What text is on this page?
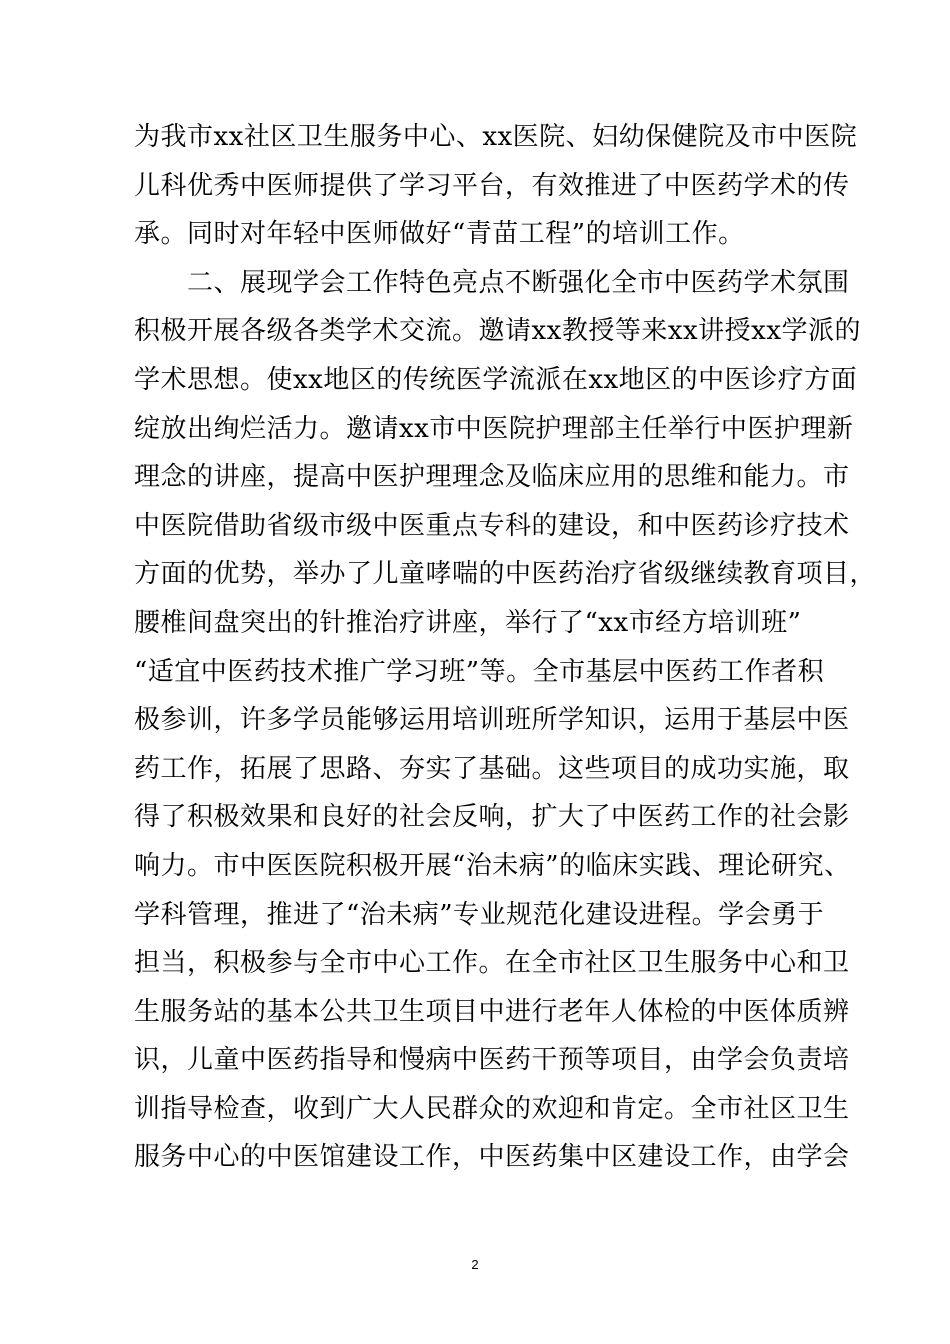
为我市xx社区卫生服务中心、xx医院、妇幼保健院及市中医院
儿科优秀中医师提供了学习平台，有效推进了中医药学术的传
承。同时对年轻中医师做好“青苗工程”的培训工作。
　　二、展现学会工作特色亮点不断强化全市中医药学术氛围
积极开展各级各类学术交流。邀请xx教授等来xx讲授xx学派的
学术思想。使xx地区的传统医学流派在xx地区的中医诊疗方面
绽放出绚烂活力。邀请xx市中医院护理部主任举行中医护理新
理念的讲座，提高中医护理理念及临床应用的思维和能力。市
中医院借助省级市级中医重点专科的建设，和中医药诊疗技术
方面的优势，举办了儿童哮喘的中医药治疗省级继续教育项目，
腰椎间盘突出的针推治疗讲座，举行了“xx市经方培训班”
“适宜中医药技术推广学习班”等。全市基层中医药工作者积
极参训，许多学员能够运用培训班所学知识，运用于基层中医
药工作，拓展了思路、夯实了基础。这些项目的成功实施，取
得了积极效果和良好的社会反响，扩大了中医药工作的社会影
响力。市中医医院积极开展“治未病”的临床实践、理论研究、
学科管理，推进了“治未病”专业规范化建设进程。学会勇于
担当，积极参与全市中心工作。在全市社区卫生服务中心和卫
生服务站的基本公共卫生项目中进行老年人体检的中医体质辨
识，儿童中医药指导和慢病中医药干预等项目，由学会负责培
训指导检查，收到广大人民群众的欢迎和肯定。全市社区卫生
服务中心的中医馆建设工作，中医药集中区建设工作，由学会
2
